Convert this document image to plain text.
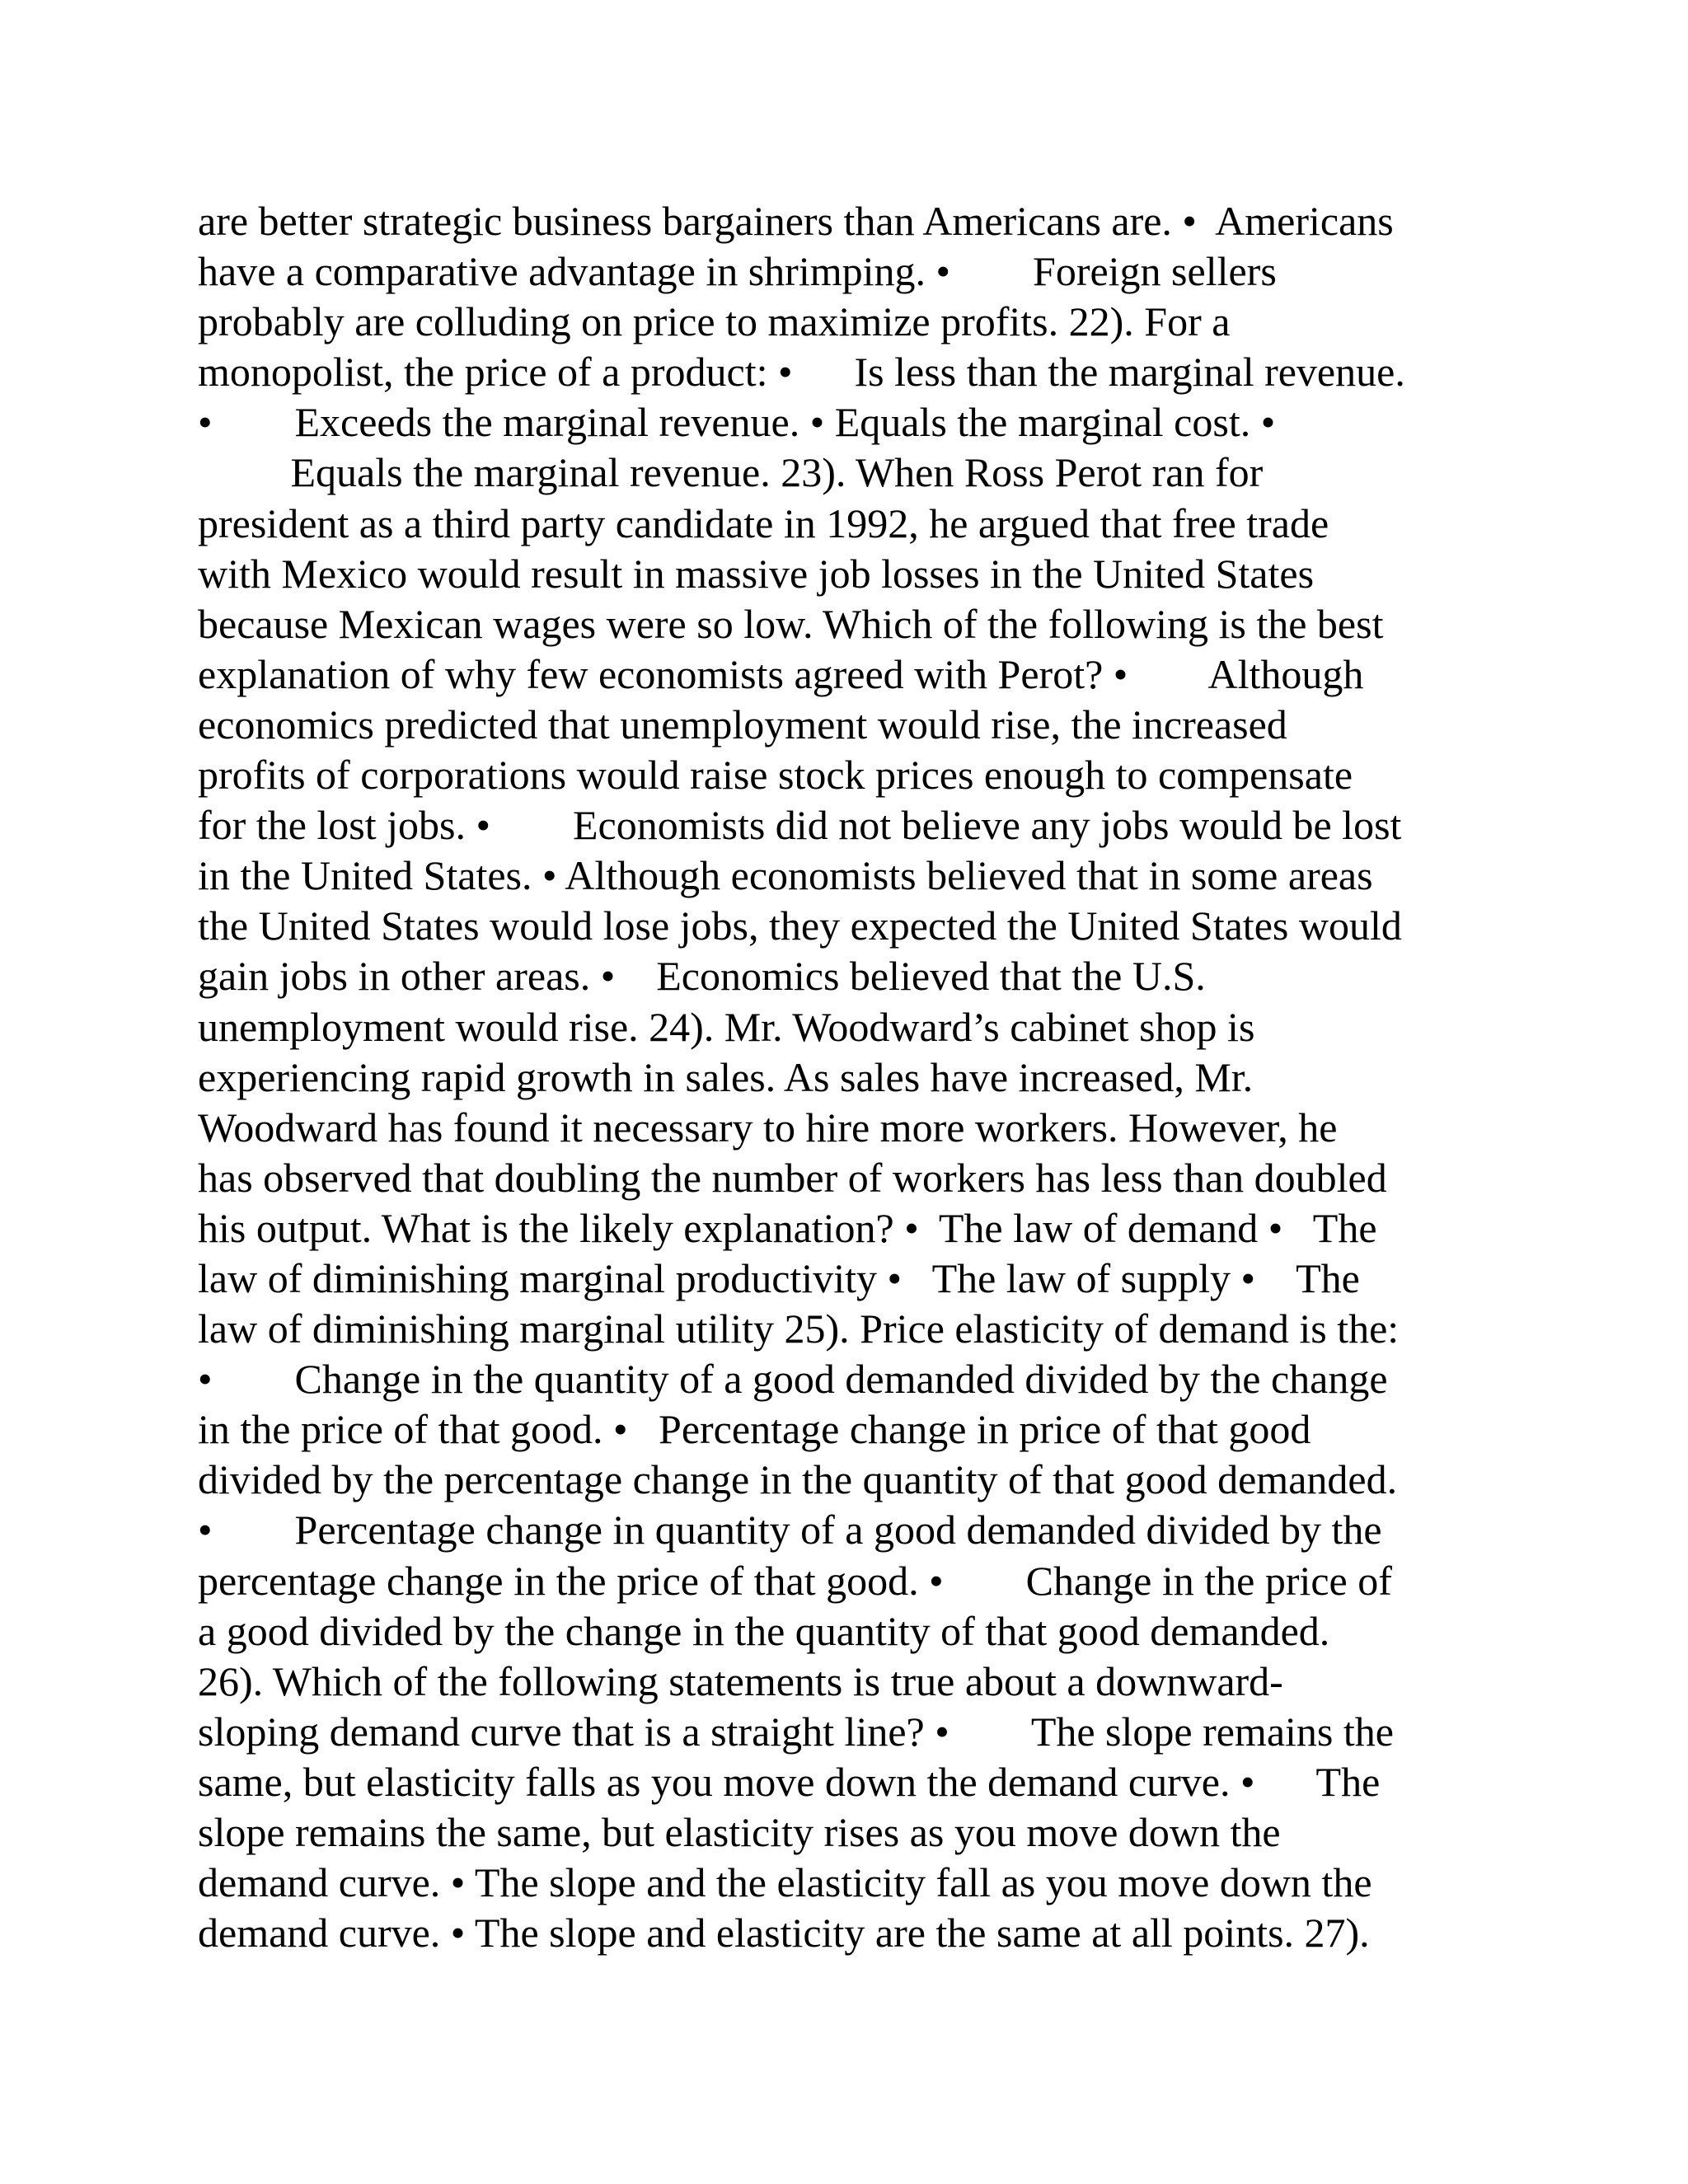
are better strategic business bargainers than Americans are. •  Americans
have a comparative advantage in shrimping. •        Foreign sellers
probably are colluding on price to maximize profits. 22). For a
monopolist, the price of a product: •      Is less than the marginal revenue.
•        Exceeds the marginal revenue. • Equals the marginal cost. •
Equals the marginal revenue. 23). When Ross Perot ran for
president as a third party candidate in 1992, he argued that free trade
with Mexico would result in massive job losses in the United States
because Mexican wages were so low. Which of the following is the best
explanation of why few economists agreed with Perot? •        Although
economics predicted that unemployment would rise, the increased
profits of corporations would raise stock prices enough to compensate
for the lost jobs. •        Economists did not believe any jobs would be lost
in the United States. • Although economists believed that in some areas
the United States would lose jobs, they expected the United States would
gain jobs in other areas. •    Economics believed that the U.S.
unemployment would rise. 24). Mr. Woodward’s cabinet shop is
experiencing rapid growth in sales. As sales have increased, Mr.
Woodward has found it necessary to hire more workers. However, he
has observed that doubling the number of workers has less than doubled
his output. What is the likely explanation? •  The law of demand •   The
law of diminishing marginal productivity •   The law of supply •    The
law of diminishing marginal utility 25). Price elasticity of demand is the:
•        Change in the quantity of a good demanded divided by the change
in the price of that good. •   Percentage change in price of that good
divided by the percentage change in the quantity of that good demanded.
•        Percentage change in quantity of a good demanded divided by the
percentage change in the price of that good. •        Change in the price of
a good divided by the change in the quantity of that good demanded.
26). Which of the following statements is true about a downward-
sloping demand curve that is a straight line? •        The slope remains the
same, but elasticity falls as you move down the demand curve. •      The
slope remains the same, but elasticity rises as you move down the
demand curve. • The slope and the elasticity fall as you move down the
demand curve. • The slope and elasticity are the same at all points. 27).
